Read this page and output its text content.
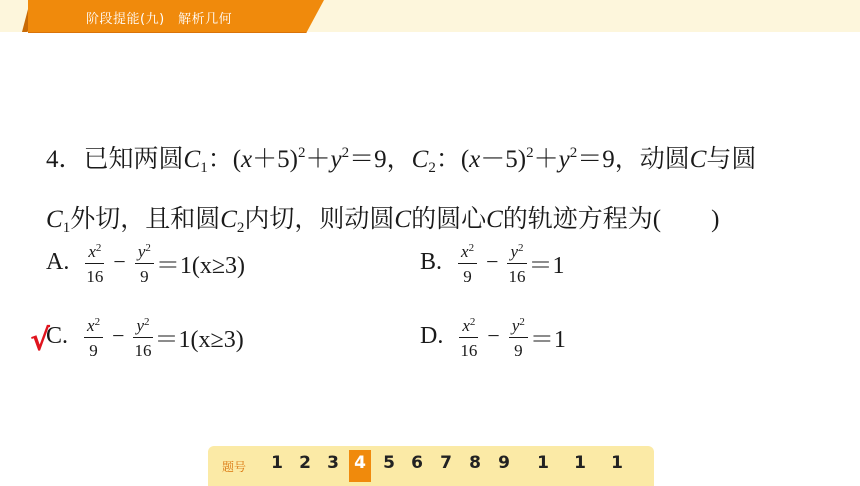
阶段提能(九)　解析几何
4．已知两圆$C_1$：$(x+5)^2+y^2=9$，$C_2$：$(x-5)^2+y^2=9$，动圆C与圆
$C_1$外切，且和圆$C_2$内切，则动圆C的圆心C的轨迹方程为(　　)
A. $\frac{x^2}{16} - \frac{y^2}{9} =1(x\ge 3)$	B. $\frac{x^2}{9} - \frac{y^2}{16} =1$
√
C. $\frac{x^2}{9} - \frac{y^2}{16} =1(x\ge 3)$	D. $\frac{x^2}{16} - \frac{y^2}{9} =1$
题号 1 2 3 4 5 6 7 8 9 1 1 1
